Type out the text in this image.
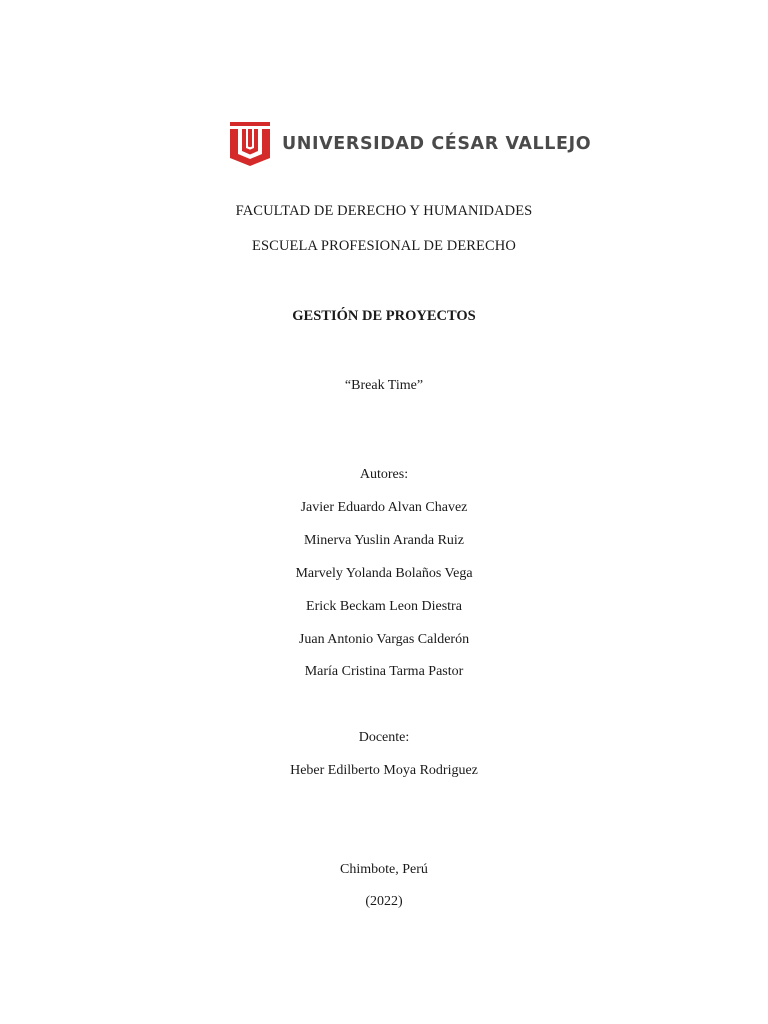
UNIVERSIDAD CÉSAR VALLEJO
FACULTAD DE DERECHO Y HUMANIDADES
ESCUELA PROFESIONAL DE DERECHO
GESTIÓN DE PROYECTOS
“Break Time”
Autores:
Javier Eduardo Alvan Chavez
Minerva Yuslin Aranda Ruiz
Marvely Yolanda Bolaños Vega
Erick Beckam Leon Diestra
Juan Antonio Vargas Calderón
María Cristina Tarma Pastor
Docente:
Heber Edilberto Moya Rodriguez
Chimbote, Perú
(2022)
